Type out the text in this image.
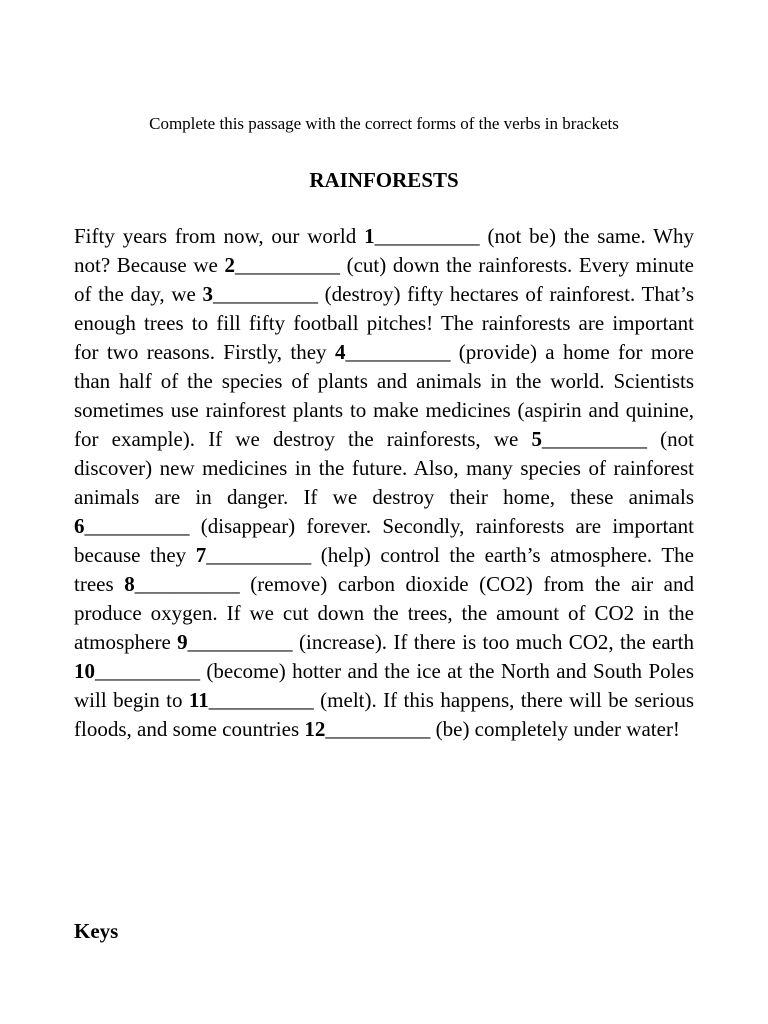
Complete this passage with the correct forms of the verbs in brackets
RAINFORESTS

Fifty years from now, our world 1__________ (not be) the same. Why not? Because we 2__________ (cut) down the rainforests. Every minute of the day, we 3__________ (destroy) fifty hectares of rainforest. That’s enough trees to fill fifty football pitches! The rainforests are important for two reasons. Firstly, they 4__________ (provide) a home for more than half of the species of plants and animals in the world. Scientists sometimes use rainforest plants to make medicines (aspirin and quinine, for example). If we destroy the rainforests, we 5__________ (not discover) new medicines in the future. Also, many species of rainforest animals are in danger. If we destroy their home, these animals 6__________ (disappear) forever. Secondly, rainforests are important because they 7__________ (help) control the earth’s atmosphere. The trees 8__________ (remove) carbon dioxide (CO2) from the air and produce oxygen. If we cut down the trees, the amount of CO2 in the atmosphere 9__________ (increase). If there is too much CO2, the earth 10__________ (become) hotter and the ice at the North and South Poles will begin to 11__________ (melt). If this happens, there will be serious floods, and some countries 12__________ (be) completely under water!

Keys
